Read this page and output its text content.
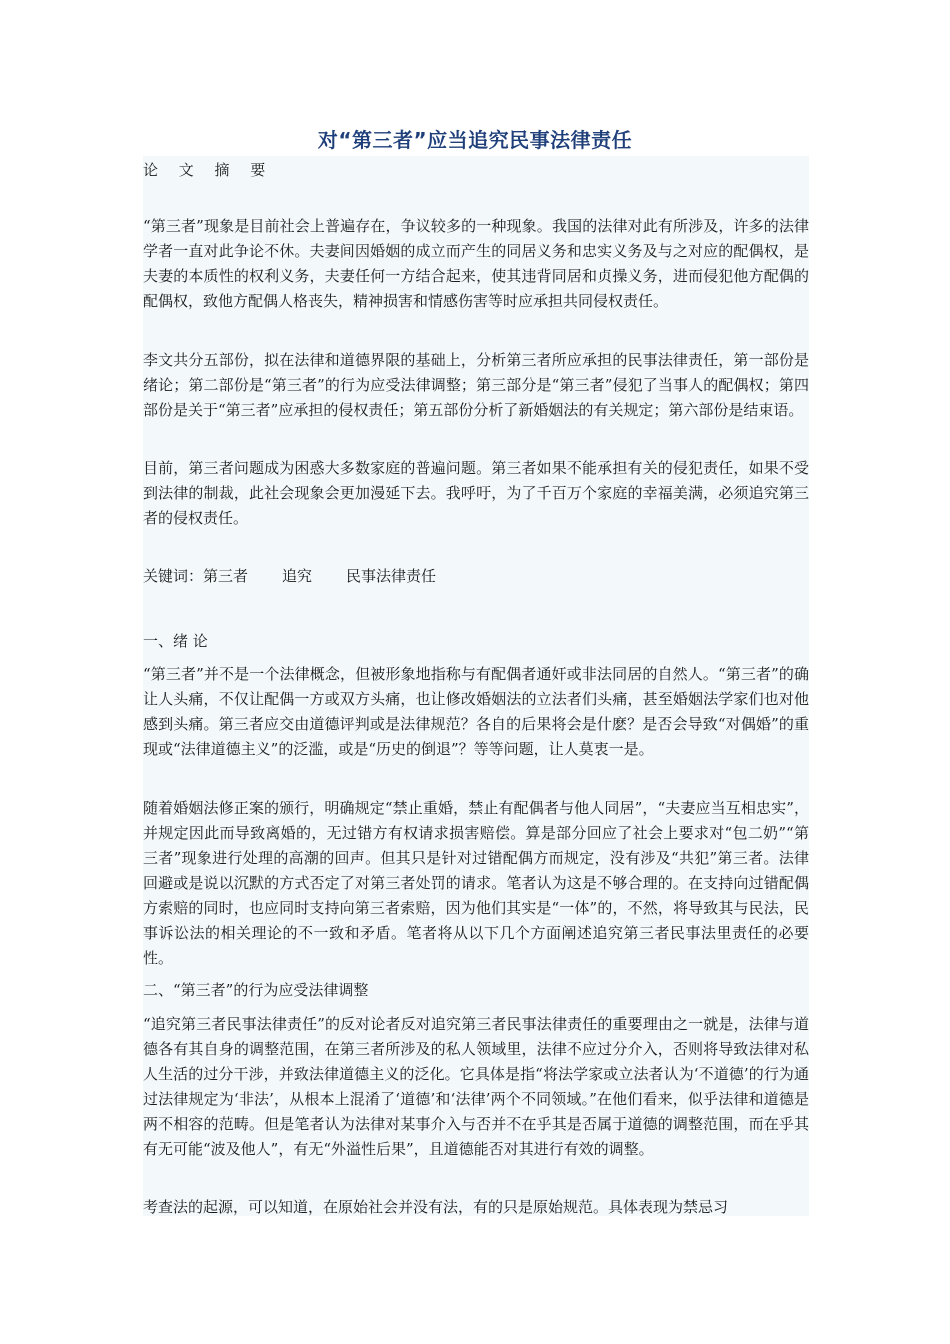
对“第三者”应当追究民事法律责任

论 文 摘 要

“第三者”现象是目前社会上普遍存在，争议较多的一种现象。我国的法律对此有所涉及，许多的法律学者一直对此争论不休。夫妻间因婚姻的成立而产生的同居义务和忠实义务及与之对应的配偶权，是夫妻的本质性的权利义务，夫妻任何一方结合起来，使其违背同居和贞操义务，进而侵犯他方配偶的配偶权，致他方配偶人格丧失，精神损害和情感伤害等时应承担共同侵权责任。

李文共分五部份，拟在法律和道德界限的基础上，分析第三者所应承担的民事法律责任，第一部份是绪论；第二部份是“第三者”的行为应受法律调整；第三部分是“第三者”侵犯了当事人的配偶权；第四部份是关于“第三者”应承担的侵权责任；第五部份分析了新婚姻法的有关规定；第六部份是结束语。

目前，第三者问题成为困惑大多数家庭的普遍问题。第三者如果不能承担有关的侵犯责任，如果不受到法律的制裁，此社会现象会更加漫延下去。我呼吁，为了千百万个家庭的幸福美满，必须追究第三者的侵权责任。

关键词：第三者 追究 民事法律责任

一、绪 论

“第三者”并不是一个法律概念，但被形象地指称与有配偶者通奸或非法同居的自然人。“第三者”的确让人头痛，不仅让配偶一方或双方头痛，也让修改婚姻法的立法者们头痛，甚至婚姻法学家们也对他感到头痛。第三者应交由道德评判或是法律规范？各自的后果将会是什麽？是否会导致“对偶婚”的重现或“法律道德主义”的泛滥，或是“历史的倒退”？等等问题，让人莫衷一是。

随着婚姻法修正案的颁行，明确规定“禁止重婚，禁止有配偶者与他人同居”，“夫妻应当互相忠实”，并规定因此而导致离婚的，无过错方有权请求损害赔偿。算是部分回应了社会上要求对“包二奶”“第三者”现象进行处理的高潮的回声。但其只是针对过错配偶方而规定，没有涉及“共犯”第三者。法律回避或是说以沉默的方式否定了对第三者处罚的请求。笔者认为这是不够合理的。在支持向过错配偶方索赔的同时，也应同时支持向第三者索赔，因为他们其实是“一体”的，不然，将导致其与民法，民事诉讼法的相关理论的不一致和矛盾。笔者将从以下几个方面阐述追究第三者民事法里责任的必要性。

二、“第三者”的行为应受法律调整

“追究第三者民事法律责任”的反对论者反对追究第三者民事法律责任的重要理由之一就是，法律与道德各有其自身的调整范围，在第三者所涉及的私人领域里，法律不应过分介入，否则将导致法律对私人生活的过分干涉，并致法律道德主义的泛化。它具体是指“将法学家或立法者认为‘不道德’的行为通过法律规定为‘非法’，从根本上混淆了‘道德’和‘法律’两个不同领域。”在他们看来，似乎法律和道德是两不相容的范畴。但是笔者认为法律对某事介入与否并不在乎其是否属于道德的调整范围，而在乎其有无可能“波及他人”，有无“外溢性后果”，且道德能否对其进行有效的调整。

考查法的起源，可以知道，在原始社会并没有法，有的只是原始规范。具体表现为禁忌习
